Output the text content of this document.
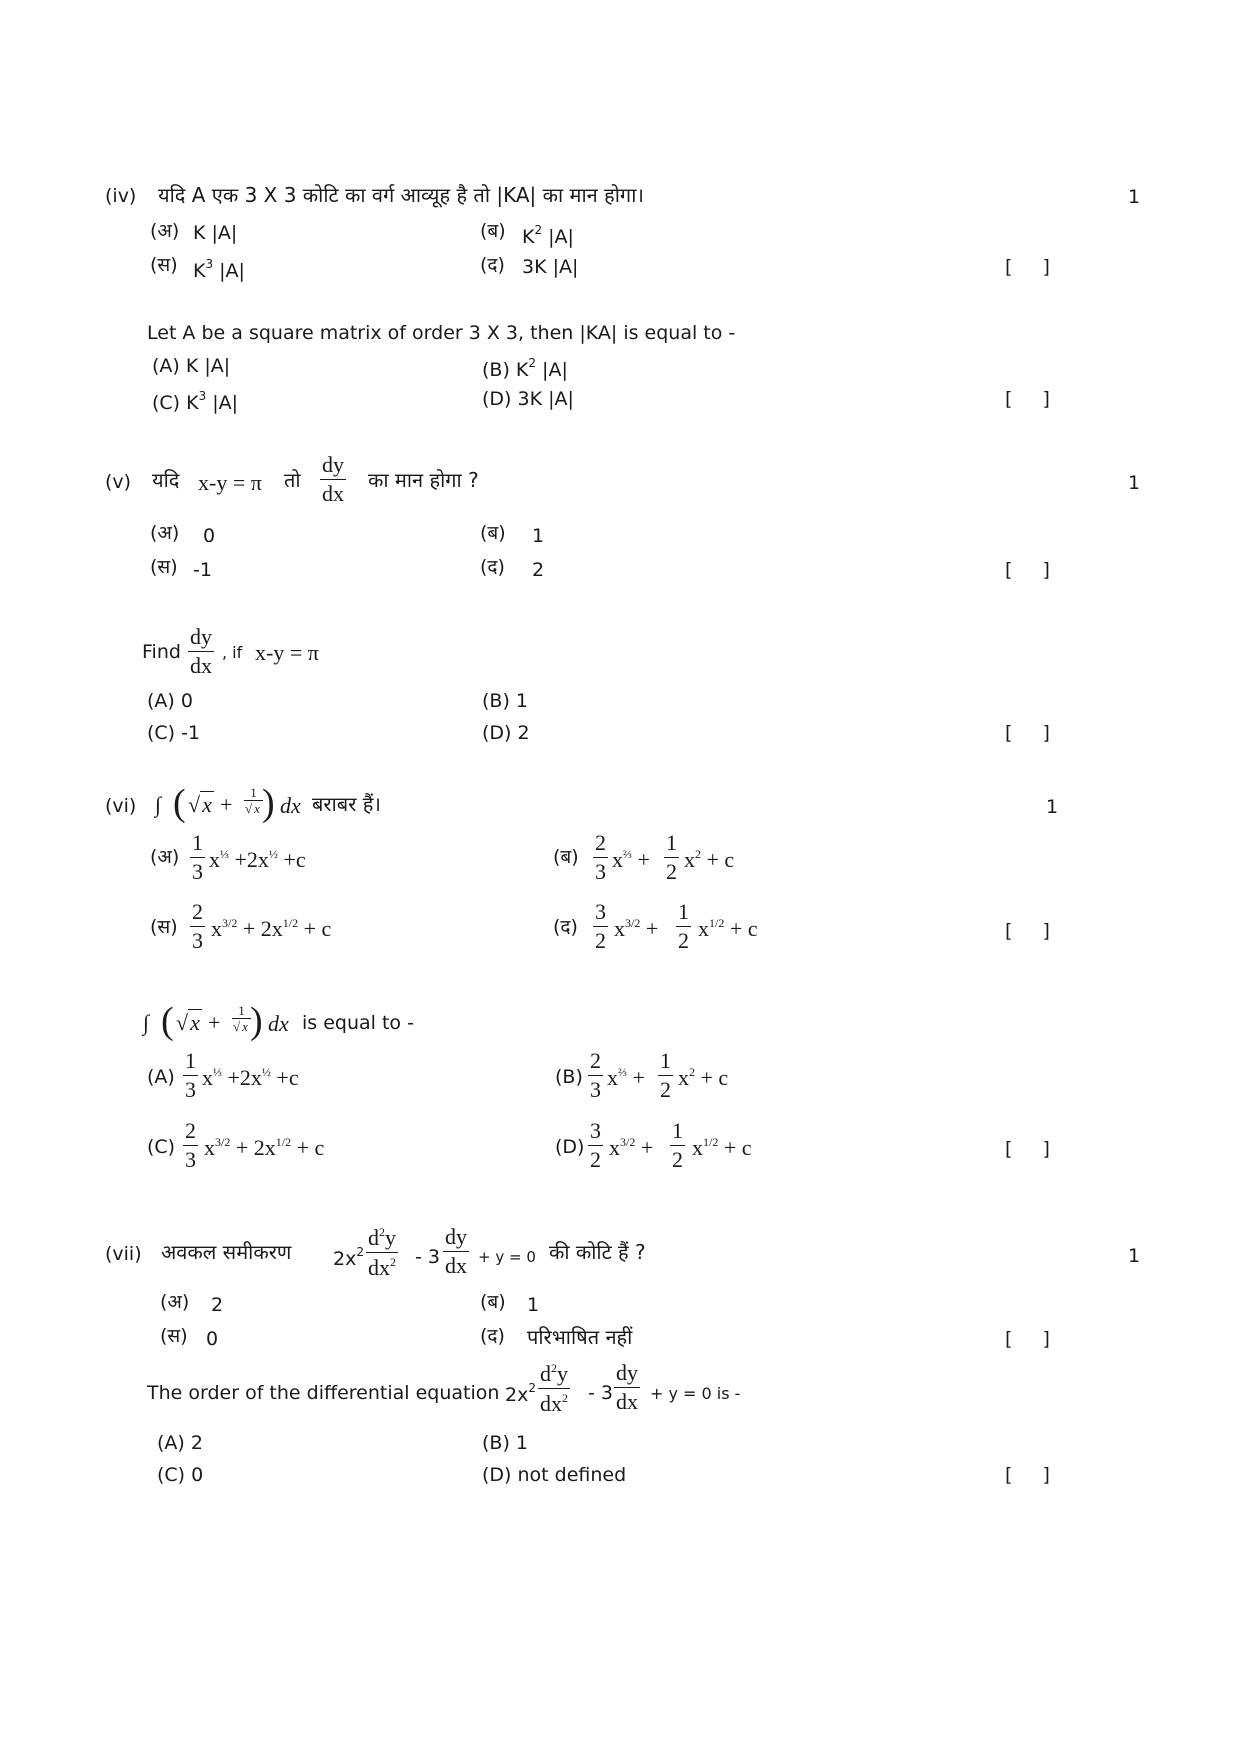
(iv) यदि A एक 3 X 3 कोटि का वर्ग आव्यूह है तो |KA| का मान होगा।	1
(अ) K |A|	(ब) $K^2$ |A|
(स) $K^3$ |A|	(द) 3K |A|	[ ]
Let A be a square matrix of order 3 X 3, then |KA| is equal to -
(A) K |A|	(B) $K^2$ |A|
(C) $K^3$ |A|	(D) 3K |A|	[ ]
(v) यदि x-y = π तो $\frac{dy}{dx}$ का मान होगा ?	1
(अ) 0	(ब) 1
(स) -1	(द) 2	[ ]
Find $\frac{dy}{dx}$ , if x-y = π
(A) 0	(B) 1
(C) -1	(D) 2	[ ]
(vi) ∫ ( $√x + \frac{1}{√ x}$ ) dx बराबर हैं।	1
(अ) $\frac{1}{3} x^{\frac{1}{3}} +2x^{\frac{1}{2}} +c$	(ब) $\frac{2}{3} x^{\frac{2}{3}} + \frac{1}{2} x^2 + c$
(स) $\frac{2}{3} x^{3/2} + 2x^{1/2} + c$	(द) $\frac{3}{2} x^{3/2} + \frac{1}{2} x^{1/2} + c$	[ ]
∫ ( $√x + \frac{1}{√ x}$ ) dx is equal to -
$(A) \frac{1}{3} x^{\frac{1}{3}} +2x^{\frac{1}{2}} +c$	$(B) \frac{2}{3} x^{\frac{2}{3}} + \frac{1}{2} x^2 + c$
$(C) \frac{2}{3} x^{3/2} + 2x^{1/2} + c$	$(D) \frac{3}{2} x^{3/2} + \frac{1}{2} x^{1/2} + c$	[ ]
(vii) अवकल समीकरण $2x^2 \frac{d^2y}{dx^2} - 3 \frac{dy}{dx} + y = 0$ की कोटि हैं ?	1
(अ) 2	(ब) 1
(स) 0	(द) परिभाषित नहीं	[ ]
The order of the differential equation $2x^2 \frac{d^2y}{dx^2} - 3 \frac{dy}{dx} + y = 0$ is -
(A) 2	(B) 1
(C) 0	(D) not defined	[ ]
